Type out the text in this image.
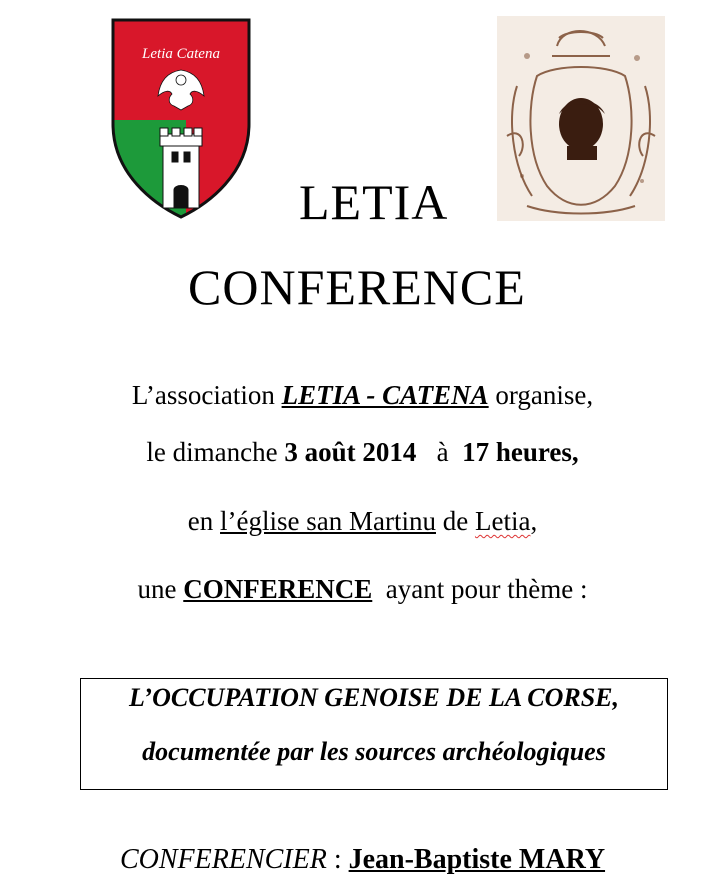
Letia Catena
LETIA
CONFERENCE
L’association LETIA - CATENA organise,
le dimanche 3 août 2014   à  17 heures,
en l’église san Martinu de Letia,
une CONFERENCE  ayant pour thème :
L’OCCUPATION GENOISE DE LA CORSE,
documentée par les sources archéologiques
CONFERENCIER : Jean-Baptiste MARY
